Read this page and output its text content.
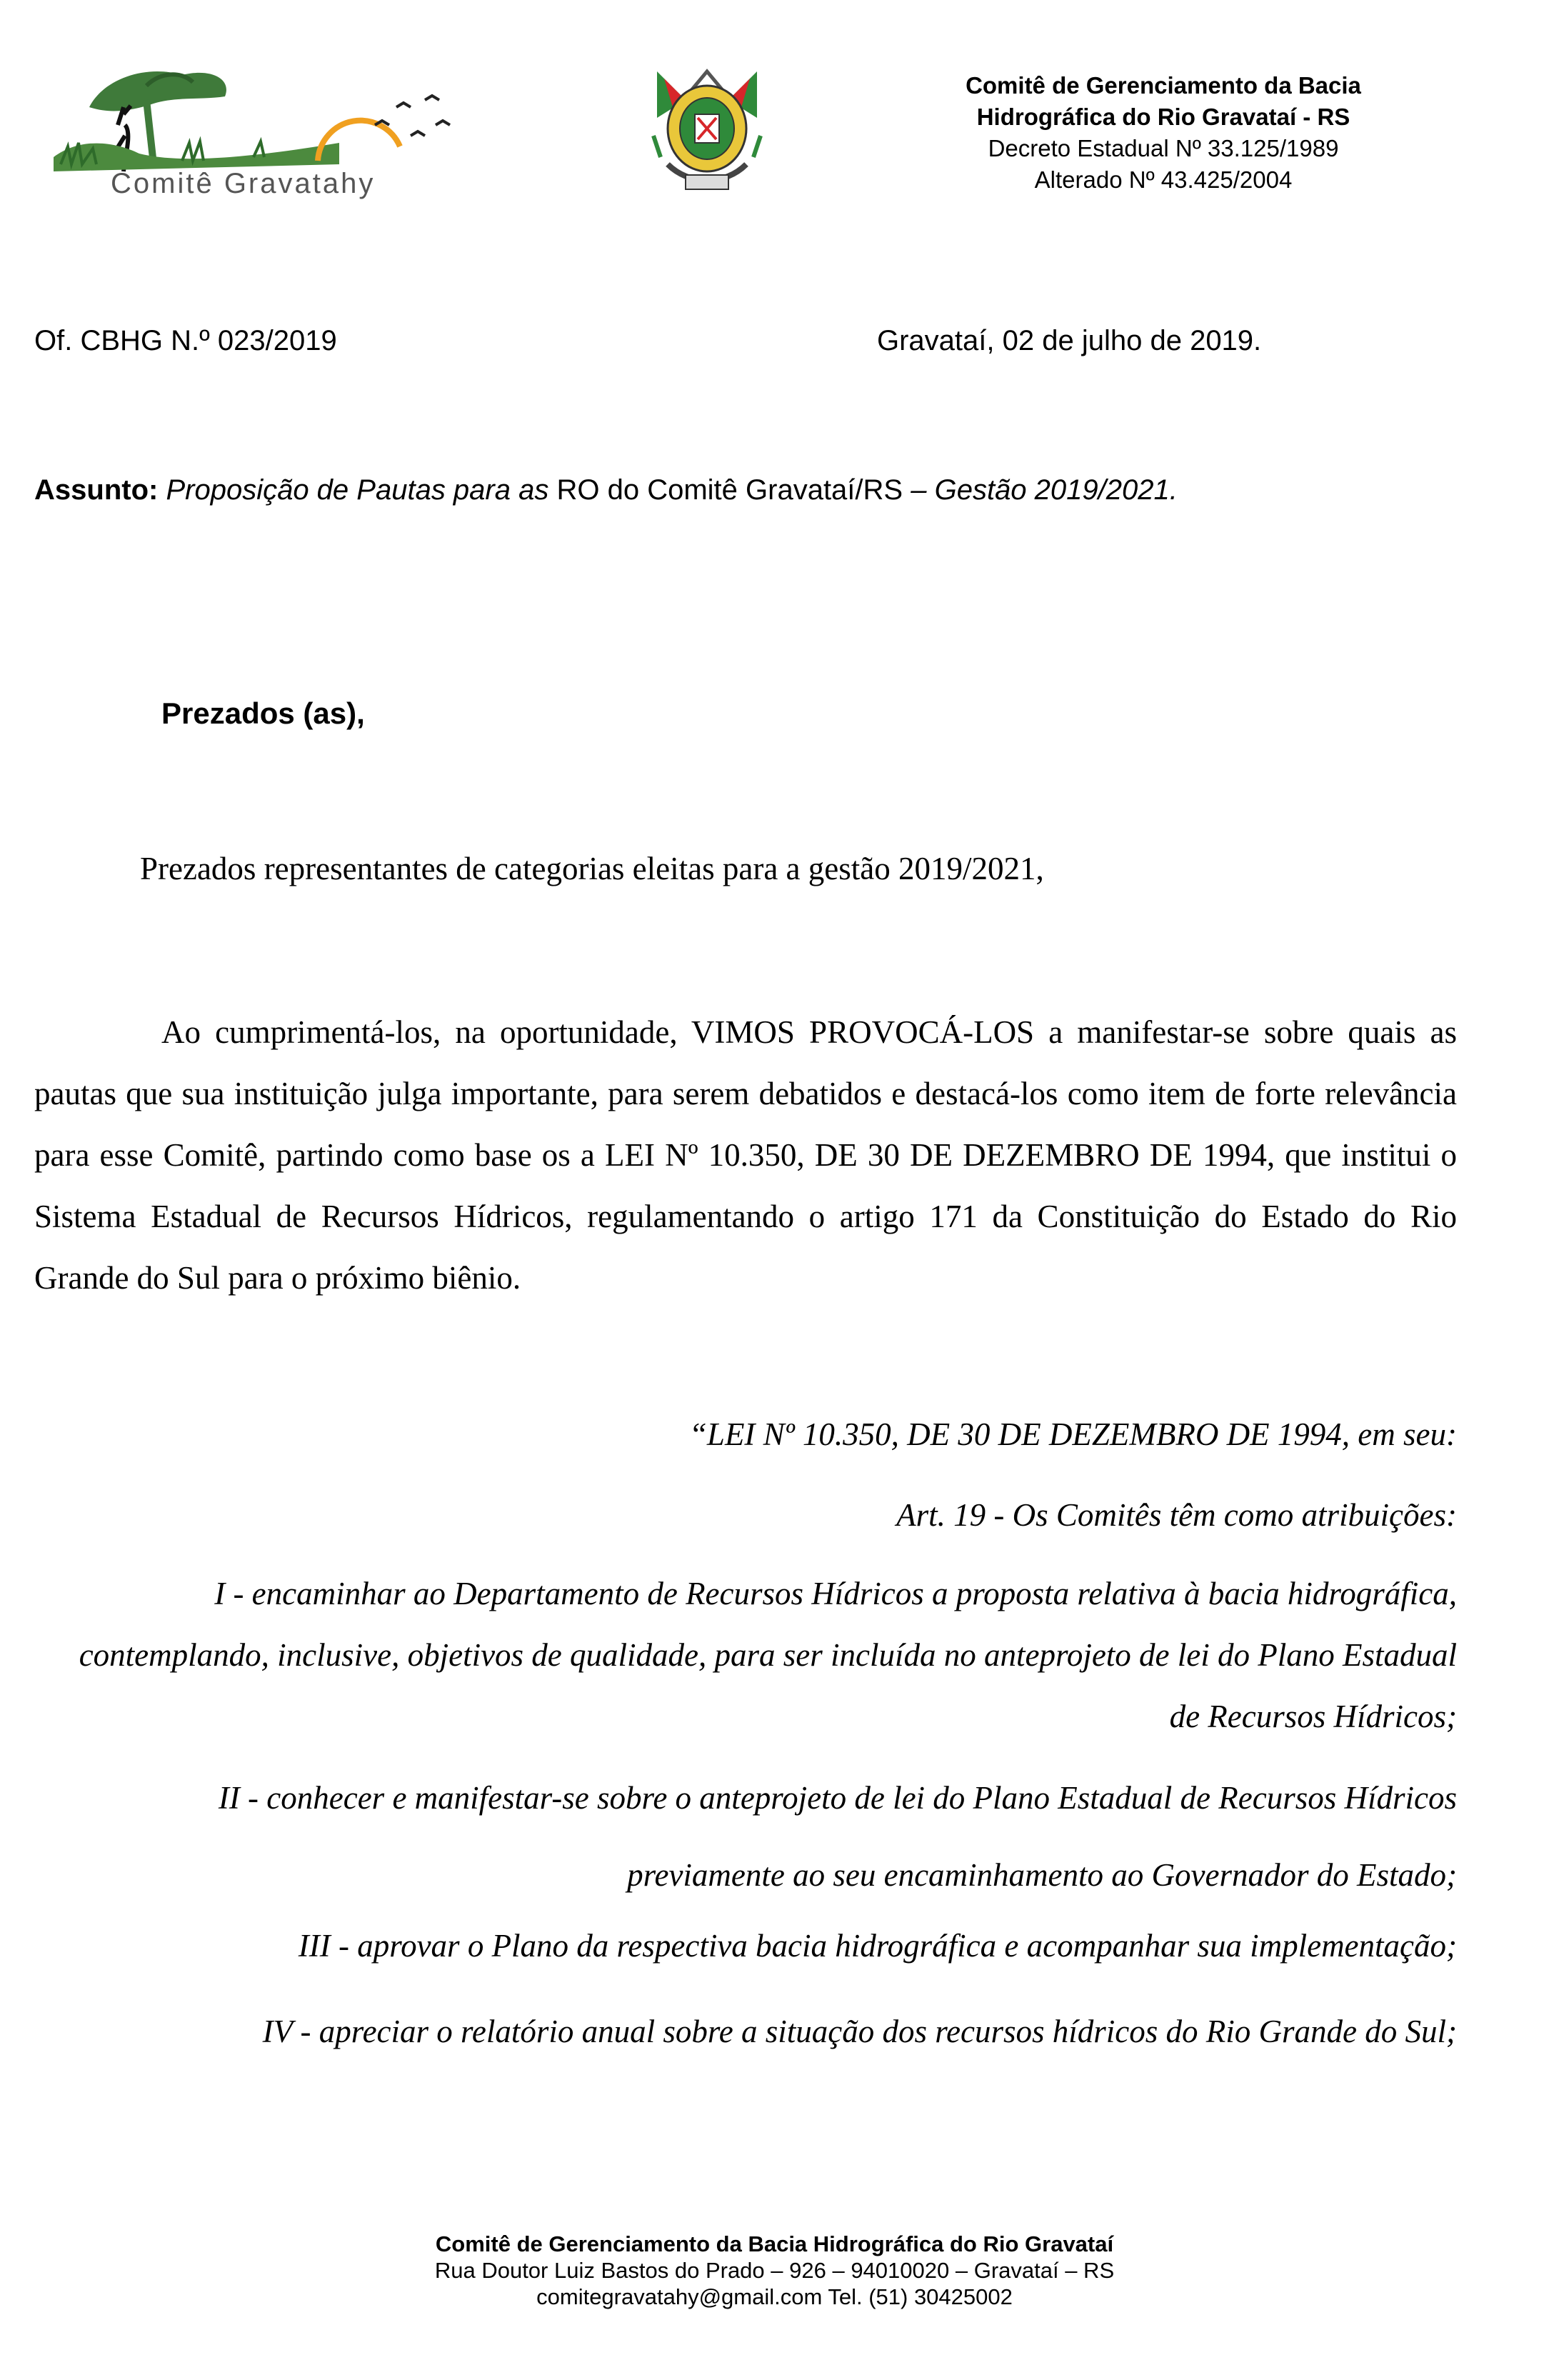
Comitê Gravatahy
Comitê de Gerenciamento da Bacia
Hidrográfica do Rio Gravataí - RS
Decreto Estadual Nº 33.125/1989
Alterado Nº 43.425/2004
Of. CBHG N.º 023/2019	Gravataí, 02 de julho de 2019.
Assunto: Proposição de Pautas para as RO do Comitê Gravataí/RS – Gestão 2019/2021.
Prezados (as),
Prezados representantes de categorias eleitas para a gestão 2019/2021,
Ao cumprimentá-los, na oportunidade, VIMOS PROVOCÁ-LOS a manifestar-se sobre quais as pautas que sua instituição julga importante, para serem debatidos e destacá-los como item de forte relevância para esse Comitê, partindo como base os a LEI Nº 10.350, DE 30 DE DEZEMBRO DE 1994, que institui o Sistema Estadual de Recursos Hídricos, regulamentando o artigo 171 da Constituição do Estado do Rio Grande do Sul para o próximo biênio.
“LEI Nº 10.350, DE 30 DE DEZEMBRO DE 1994, em seu:
Art. 19 - Os Comitês têm como atribuições:
I - encaminhar ao Departamento de Recursos Hídricos a proposta relativa à bacia hidrográfica, contemplando, inclusive, objetivos de qualidade, para ser incluída no anteprojeto de lei do Plano Estadual de Recursos Hídricos;
II - conhecer e manifestar-se sobre o anteprojeto de lei do Plano Estadual de Recursos Hídricos previamente ao seu encaminhamento ao Governador do Estado;
III - aprovar o Plano da respectiva bacia hidrográfica e acompanhar sua implementação;
IV - apreciar o relatório anual sobre a situação dos recursos hídricos do Rio Grande do Sul;
Comitê de Gerenciamento da Bacia Hidrográfica do Rio Gravataí
Rua Doutor Luiz Bastos do Prado – 926 – 94010020 – Gravataí – RS
comitegravatahy@gmail.com Tel. (51) 30425002
